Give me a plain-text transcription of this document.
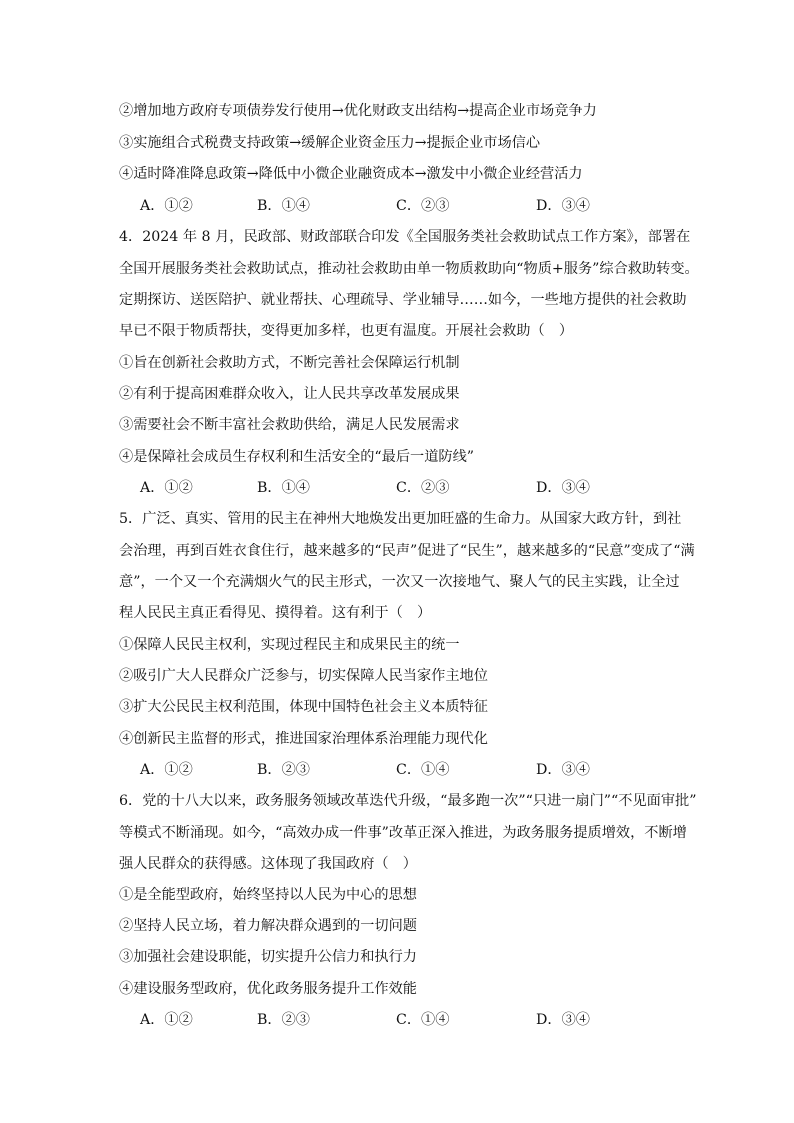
②增加地方政府专项债券发行使用→优化财政支出结构→提高企业市场竞争力
③实施组合式税费支持政策→缓解企业资金压力→提振企业市场信心
④适时降准降息政策→降低中小微企业融资成本→激发中小微企业经营活力
A．①②	B．①④	C．②③	D．③④
4．2024 年 8 月，民政部、财政部联合印发《全国服务类社会救助试点工作方案》，部署在
全国开展服务类社会救助试点，推动社会救助由单一物质救助向“物质+服务”综合救助转变。
定期探访、送医陪护、就业帮扶、心理疏导、学业辅导……如今，一些地方提供的社会救助
早已不限于物质帮扶，变得更加多样，也更有温度。开展社会救助（　）
①旨在创新社会救助方式，不断完善社会保障运行机制
②有利于提高困难群众收入，让人民共享改革发展成果
③需要社会不断丰富社会救助供给，满足人民发展需求
④是保障社会成员生存权利和生活安全的“最后一道防线”
A．①②	B．①④	C．②③	D．③④
5．广泛、真实、管用的民主在神州大地焕发出更加旺盛的生命力。从国家大政方针，到社
会治理，再到百姓衣食住行，越来越多的“民声”促进了“民生”，越来越多的“民意”变成了“满
意”，一个又一个充满烟火气的民主形式，一次又一次接地气、聚人气的民主实践，让全过
程人民民主真正看得见、摸得着。这有利于（　）
①保障人民民主权利，实现过程民主和成果民主的统一
②吸引广大人民群众广泛参与，切实保障人民当家作主地位
③扩大公民民主权利范围，体现中国特色社会主义本质特征
④创新民主监督的形式，推进国家治理体系治理能力现代化
A．①②	B．②③	C．①④	D．③④
6．党的十八大以来，政务服务领域改革迭代升级，“最多跑一次”“只进一扇门”“不见面审批”
等模式不断涌现。如今，“高效办成一件事”改革正深入推进，为政务服务提质增效，不断增
强人民群众的获得感。这体现了我国政府（　）
①是全能型政府，始终坚持以人民为中心的思想
②坚持人民立场，着力解决群众遇到的一切问题
③加强社会建设职能，切实提升公信力和执行力
④建设服务型政府，优化政务服务提升工作效能
A．①②	B．②③	C．①④	D．③④
